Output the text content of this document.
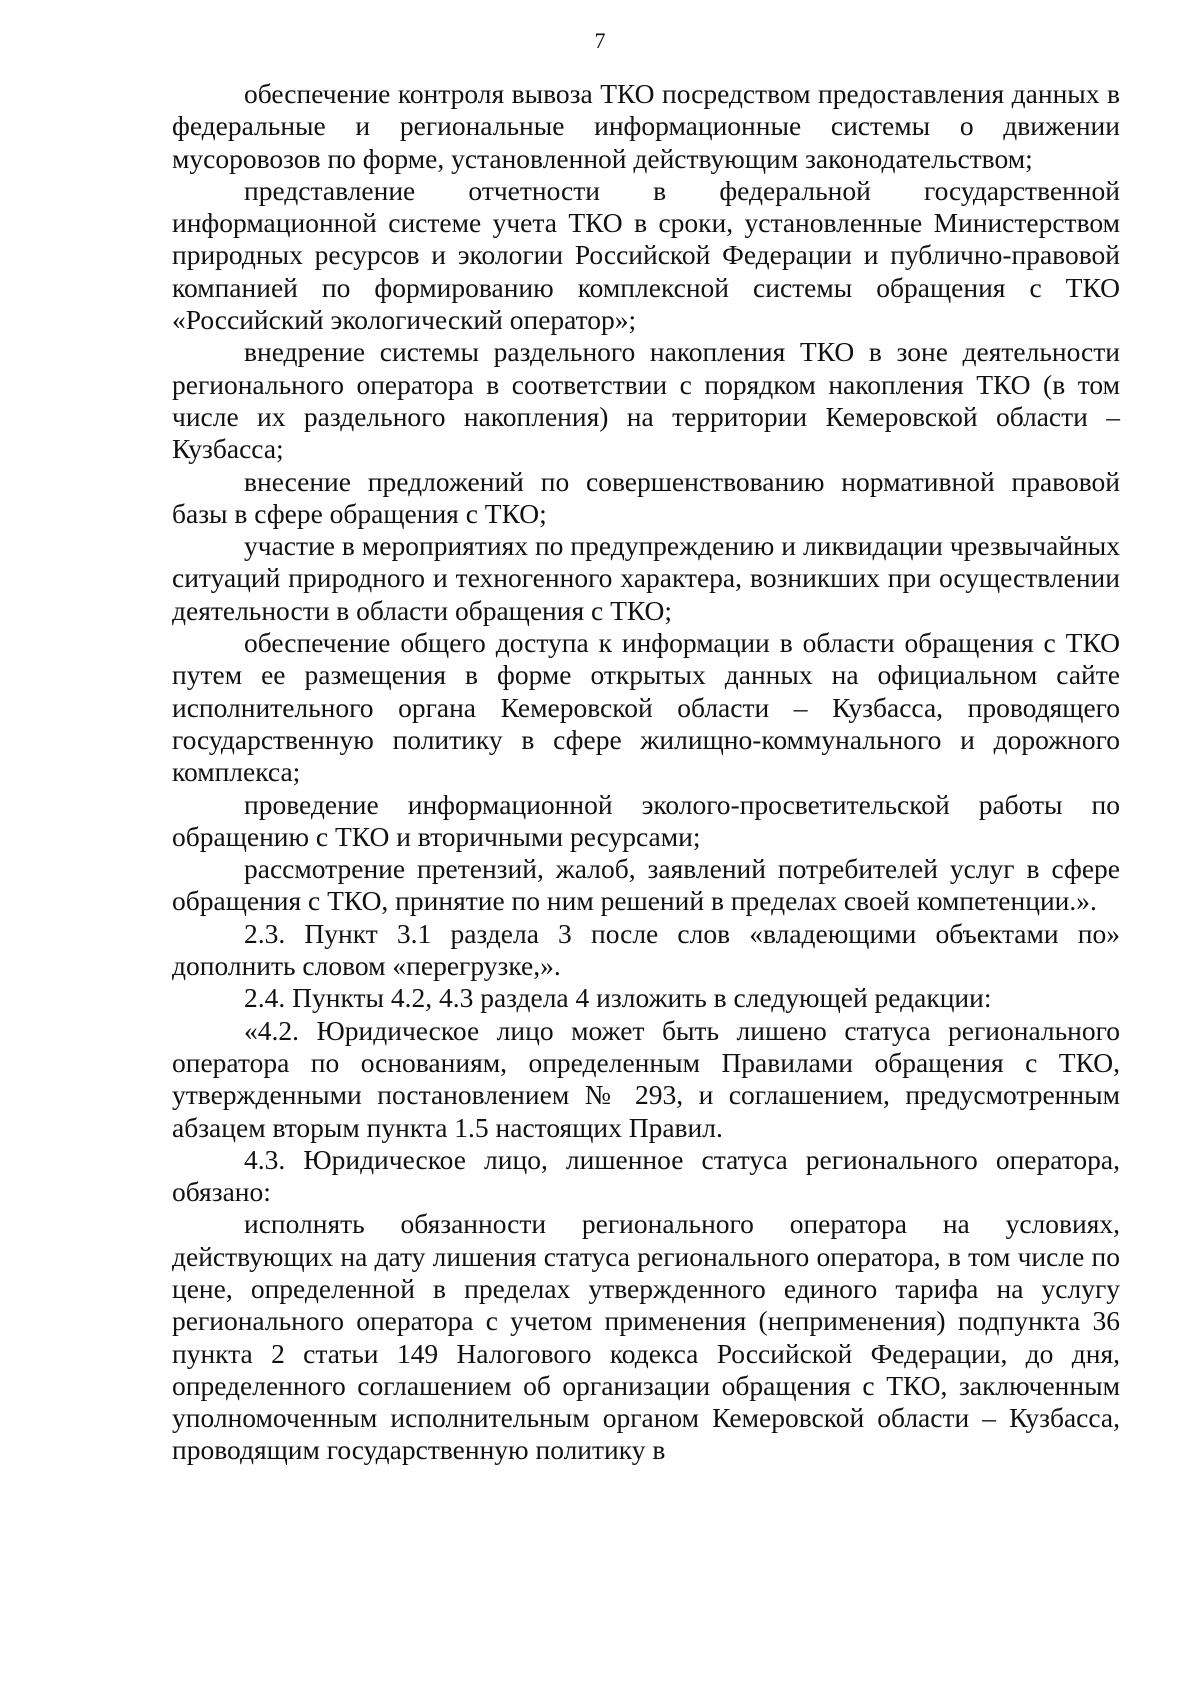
7

обеспечение контроля вывоза ТКО посредством предоставления данных в федеральные и региональные информационные системы о движении мусоровозов по форме, установленной действующим законодательством;

представление отчетности в федеральной государственной информационной системе учета ТКО в сроки, установленные Министерством природных ресурсов и экологии Российской Федерации и публично-правовой компанией по формированию комплексной системы обращения с ТКО «Российский экологический оператор»;

внедрение системы раздельного накопления ТКО в зоне деятельности регионального оператора в соответствии с порядком накопления ТКО (в том числе их раздельного накопления) на территории Кемеровской области – Кузбасса;

внесение предложений по совершенствованию нормативной правовой базы в сфере обращения с ТКО;

участие в мероприятиях по предупреждению и ликвидации чрезвычайных ситуаций природного и техногенного характера, возникших при осуществлении деятельности в области обращения с ТКО;

обеспечение общего доступа к информации в области обращения с ТКО путем ее размещения в форме открытых данных на официальном сайте исполнительного органа Кемеровской области – Кузбасса, проводящего государственную политику в сфере жилищно-коммунального и дорожного комплекса;

проведение информационной эколого-просветительской работы по обращению с ТКО и вторичными ресурсами;

рассмотрение претензий, жалоб, заявлений потребителей услуг в сфере обращения с ТКО, принятие по ним решений в пределах своей компетенции.».

2.3. Пункт 3.1 раздела 3 после слов «владеющими объектами по» дополнить словом «перегрузке,».

2.4. Пункты 4.2, 4.3 раздела 4 изложить в следующей редакции:

«4.2. Юридическое лицо может быть лишено статуса регионального оператора по основаниям, определенным Правилами обращения с ТКО, утвержденными постановлением № 293, и соглашением, предусмотренным абзацем вторым пункта 1.5 настоящих Правил.

4.3. Юридическое лицо, лишенное статуса регионального оператора, обязано:

исполнять обязанности регионального оператора на условиях, действующих на дату лишения статуса регионального оператора, в том числе по цене, определенной в пределах утвержденного единого тарифа на услугу регионального оператора с учетом применения (неприменения) подпункта 36 пункта 2 статьи 149 Налогового кодекса Российской Федерации, до дня, определенного соглашением об организации обращения с ТКО, заключенным уполномоченным исполнительным органом Кемеровской области – Кузбасса, проводящим государственную политику в
